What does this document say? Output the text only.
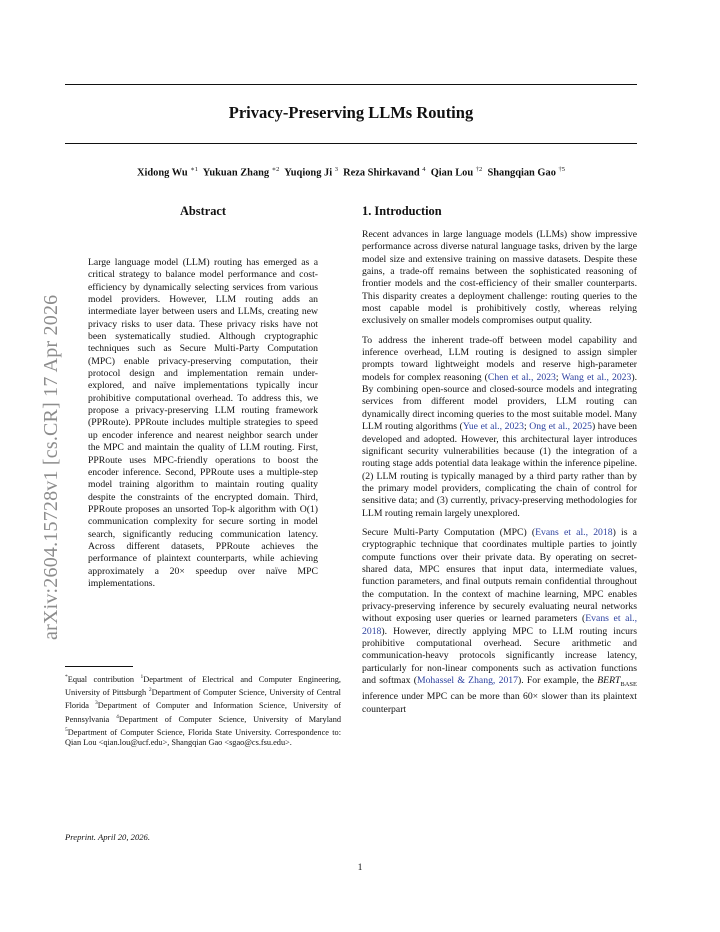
Privacy-Preserving LLMs Routing
Xidong Wu $^{∗1}$ Yukuan Zhang $^{∗2}$ Yuqiong Ji $^3$ Reza Shirkavand $^4$ Qian Lou $^{\dagger 2}$ Shangqian Gao $^{\dagger 5}$
arXiv:2604.15728v1 [cs.CR] 17 Apr 2026
Abstract

Large language model (LLM) routing has emerged as a critical strategy to balance model performance and cost-efficiency by dynamically selecting services from various model providers. However, LLM routing adds an intermediate layer between users and LLMs, creating new privacy risks to user data. These privacy risks have not been systematically studied. Although cryptographic techniques such as Secure Multi-Party Computation (MPC) enable privacy-preserving computation, their protocol design and implementation remain under-explored, and naïve implementations typically incur prohibitive computational overhead. To address this, we propose a privacy-preserving LLM routing framework (PPRoute). PPRoute includes multiple strategies to speed up encoder inference and nearest neighbor search under the MPC and maintain the quality of LLM routing. First, PPRoute uses MPC-friendly operations to boost the encoder inference. Second, PPRoute uses a multiple-step model training algorithm to maintain routing quality despite the constraints of the encrypted domain. Third, PPRoute proposes an unsorted Top-k algorithm with O(1) communication complexity for secure sorting in model search, significantly reducing communication latency. Across different datasets, PPRoute achieves the performance of plaintext counterparts, while achieving approximately a 20× speedup over naïve MPC implementations.

1. Introduction

Recent advances in large language models (LLMs) show impressive performance across diverse natural language tasks, driven by the large model size and extensive training on massive datasets. Despite these gains, a trade-off remains between the sophisticated reasoning of frontier models and the cost-efficiency of their smaller counterparts. This disparity creates a deployment challenge: routing queries to the most capable model is prohibitively costly, whereas relying exclusively on smaller models compromises output quality.

To address the inherent trade-off between model capability and inference overhead, LLM routing is designed to assign simpler prompts toward lightweight models and reserve high-parameter models for complex reasoning (Chen et al., 2023; Wang et al., 2023). By combining open-source and closed-source models and integrating services from different model providers, LLM routing can dynamically direct incoming queries to the most suitable model. Many LLM routing algorithms (Yue et al., 2023; Ong et al., 2025) have been developed and adopted. However, this architectural layer introduces significant security vulnerabilities because (1) the integration of a routing stage adds potential data leakage within the inference pipeline. (2) LLM routing is typically managed by a third party rather than by the primary model providers, complicating the chain of control for sensitive data; and (3) currently, privacy-preserving methodologies for LLM routing remain largely unexplored.

Secure Multi-Party Computation (MPC) (Evans et al., 2018) is a cryptographic technique that coordinates multiple parties to jointly compute functions over their private data. By operating on secret-shared data, MPC ensures that input data, intermediate values, function parameters, and final outputs remain confidential throughout the computation. In the context of machine learning, MPC enables privacy-preserving inference by securely evaluating neural networks without exposing user queries or learned parameters (Evans et al., 2018). However, directly applying MPC to LLM routing incurs prohibitive computational overhead. Secure arithmetic and communication-heavy protocols significantly increase latency, particularly for non-linear components such as activation functions and softmax (Mohassel & Zhang, 2017). For example, the $BERT_{BASE}$ inference under MPC can be more than 60× slower than its plaintext counterpart

*Equal contribution $^1$Department of Electrical and Computer Engineering, University of Pittsburgh $^2$Department of Computer Science, University of Central Florida $^3$Department of Computer and Information Science, University of Pennsylvania $^4$Department of Computer Science, University of Maryland $^5$Department of Computer Science, Florida State University. Correspondence to: Qian Lou <qian.lou@ucf.edu>, Shangqian Gao <sgao@cs.fsu.edu>.

Preprint. April 20, 2026.
1
